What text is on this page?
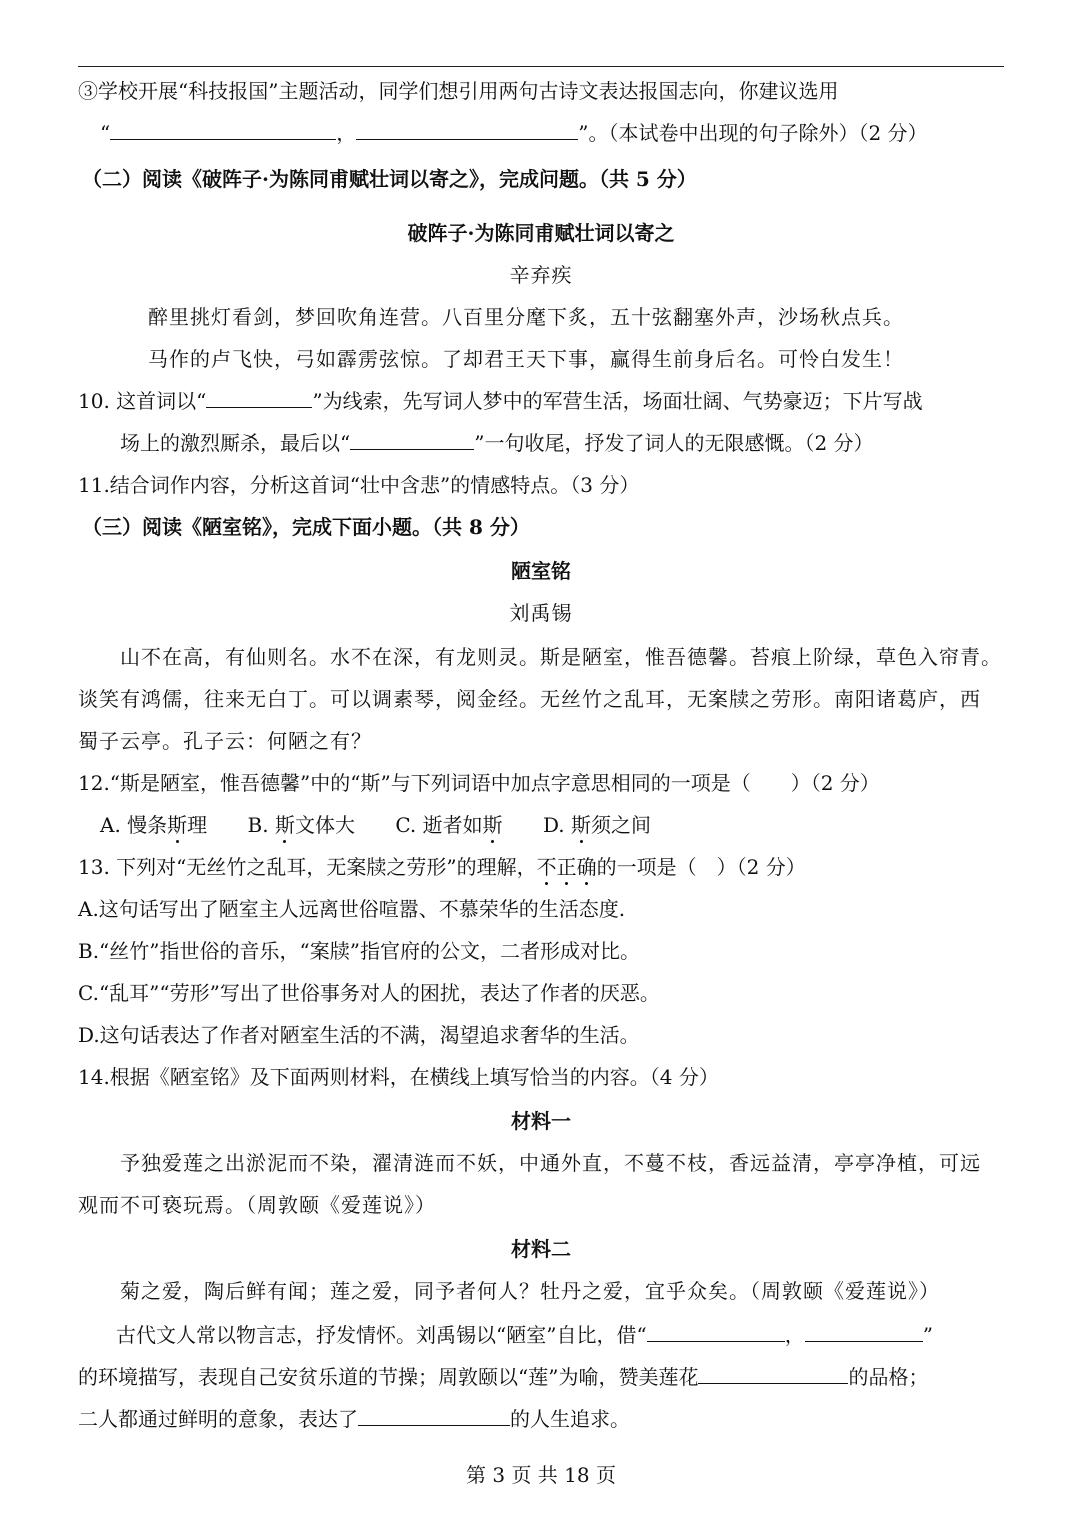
③学校开展“科技报国”主题活动，同学们想引用两句古诗文表达报国志向，你建议选用
“	，	”。（本试卷中出现的句子除外）（2 分）
（二）阅读《破阵子·为陈同甫赋壮词以寄之》，完成问题。（共 5 分）
破阵子·为陈同甫赋壮词以寄之
辛弃疾
醉里挑灯看剑，梦回吹角连营。八百里分麾下炙，五十弦翻塞外声，沙场秋点兵。
马作的卢飞快，弓如霹雳弦惊。了却君王天下事，赢得生前身后名。可怜白发生！
10. 这首词以“	”为线索，先写词人梦中的军营生活，场面壮阔、气势豪迈；下片写战
场上的激烈厮杀，最后以“	”一句收尾，抒发了词人的无限感慨。（2 分）
11.结合词作内容，分析这首词“壮中含悲”的情感特点。（3 分）
（三）阅读《陋室铭》，完成下面小题。（共 8 分）
陋室铭
刘禹锡
山不在高，有仙则名。水不在深，有龙则灵。斯是陋室，惟吾德馨。苔痕上阶绿，草色入帘青。
谈笑有鸿儒，往来无白丁。可以调素琴，阅金经。无丝竹之乱耳，无案牍之劳形。南阳诸葛庐，西
蜀子云亭。孔子云：何陋之有？
12.“斯是陋室，惟吾德馨”中的“斯”与下列词语中加点字意思相同的一项是（　　）（2 分）
A. 慢条斯理 B. 斯文体大 C. 逝者如斯 D. 斯须之间
13. 下列对“无丝竹之乱耳，无案牍之劳形”的理解，不正确的一项是（　）（2 分）
A.这句话写出了陋室主人远离世俗喧嚣、不慕荣华的生活态度.
B.“丝竹”指世俗的音乐，“案牍”指官府的公文，二者形成对比。
C.“乱耳”“劳形”写出了世俗事务对人的困扰，表达了作者的厌恶。
D.这句话表达了作者对陋室生活的不满，渴望追求奢华的生活。
14.根据《陋室铭》及下面两则材料，在横线上填写恰当的内容。（4 分）
材料一
予独爱莲之出淤泥而不染，濯清涟而不妖，中通外直，不蔓不枝，香远益清，亭亭净植，可远
观而不可亵玩焉。（周敦颐《爱莲说》）
材料二
菊之爱，陶后鲜有闻；莲之爱，同予者何人？牡丹之爱，宜乎众矣。（周敦颐《爱莲说》）
古代文人常以物言志，抒发情怀。刘禹锡以“陋室”自比，借“	，	”
的环境描写，表现自己安贫乐道的节操；周敦颐以“莲”为喻，赞美莲花	的品格；
二人都通过鲜明的意象，表达了	的人生追求。
第 3 页 共 18 页
